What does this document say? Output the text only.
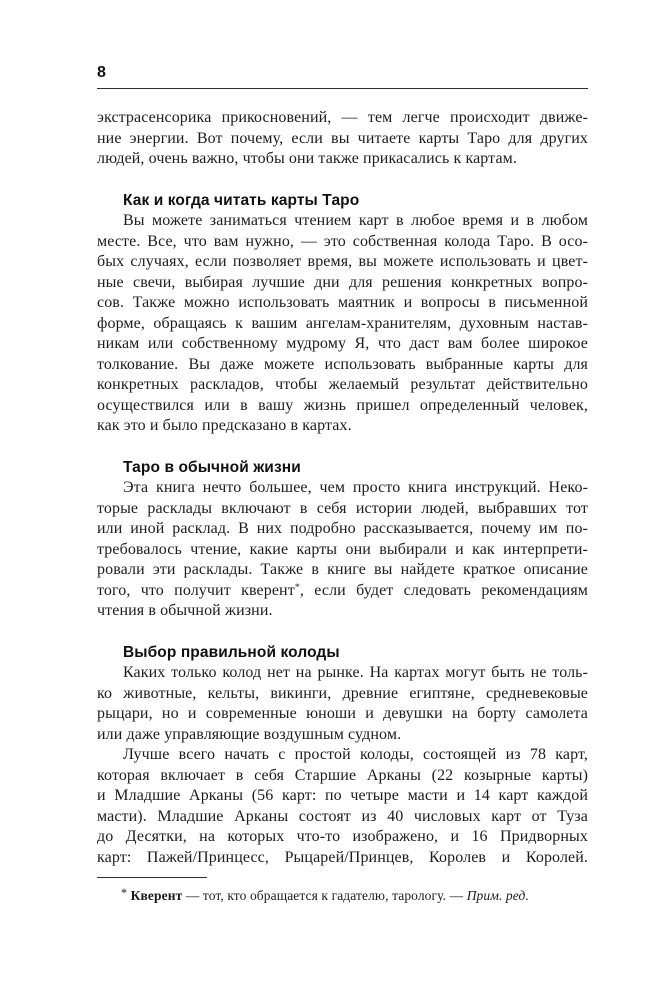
8
экстрасенсорика прикосновений, — тем легче происходит движе-
ние энергии. Вот почему, если вы читаете карты Таро для других
людей, очень важно, чтобы они также прикасались к картам.
Как и когда читать карты Таро
Вы можете заниматься чтением карт в любое время и в любом
месте. Все, что вам нужно, — это собственная колода Таро. В осо-
бых случаях, если позволяет время, вы можете использовать и цвет-
ные свечи, выбирая лучшие дни для решения конкретных вопро-
сов. Также можно использовать маятник и вопросы в письменной
форме, обращаясь к вашим ангелам-хранителям, духовным настав-
никам или собственному мудрому Я, что даст вам более широкое
толкование. Вы даже можете использовать выбранные карты для
конкретных раскладов, чтобы желаемый результат действительно
осуществился или в вашу жизнь пришел определенный человек,
как это и было предсказано в картах.
Таро в обычной жизни
Эта книга нечто большее, чем просто книга инструкций. Неко-
торые расклады включают в себя истории людей, выбравших тот
или иной расклад. В них подробно рассказывается, почему им по-
требовалось чтение, какие карты они выбирали и как интерпрети-
ровали эти расклады. Также в книге вы найдете краткое описание
того, что получит кверент*, если будет следовать рекомендациям
чтения в обычной жизни.
Выбор правильной колоды
Каких только колод нет на рынке. На картах могут быть не толь-
ко животные, кельты, викинги, древние египтяне, средневековые
рыцари, но и современные юноши и девушки на борту самолета
или даже управляющие воздушным судном.
Лучше всего начать с простой колоды, состоящей из 78 карт,
которая включает в себя Старшие Арканы (22 козырные карты)
и Младшие Арканы (56 карт: по четыре масти и 14 карт каждой
масти). Младшие Арканы состоят из 40 числовых карт от Туза
до Десятки, на которых что-то изображено, и 16 Придворных
карт: Пажей/Принцесс, Рыцарей/Принцев, Королев и Королей.

* Кверент — тот, кто обращается к гадателю, тарологу. — Прим. ред.
